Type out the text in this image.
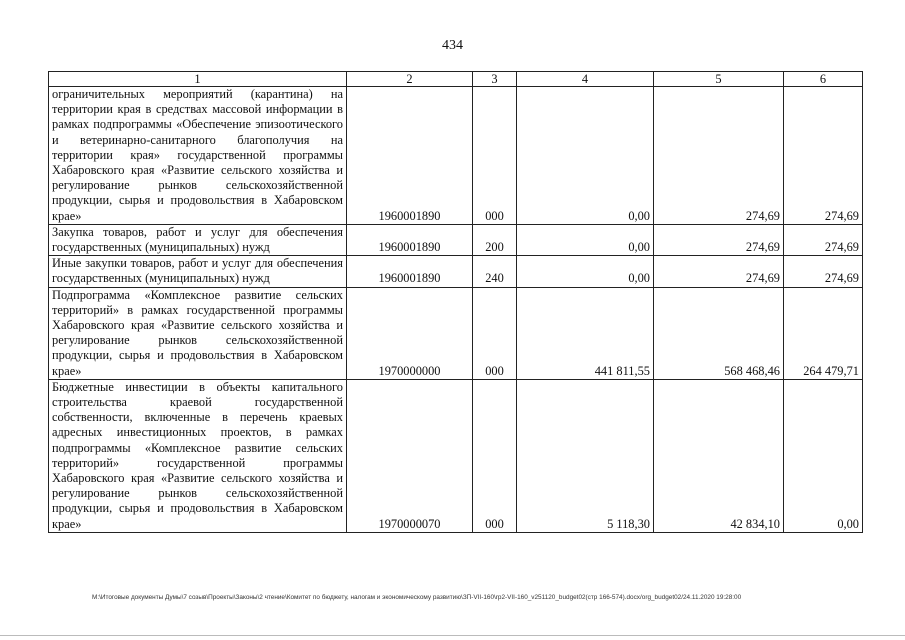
434
1	2	3	4	5	6
ограничительных мероприятий (карантина) на территории края в средствах массовой информации в рамках подпрограммы «Обеспечение эпизоотического и ветеринарно-санитарного благополучия на территории края» государственной программы Хабаровского края «Развитие сельского хозяйства и регулирование рынков сельскохозяйственной продукции, сырья и продовольствия в Хабаровском крае»	1960001890	000	0,00	274,69	274,69
Закупка товаров, работ и услуг для обеспечения государственных (муниципальных) нужд	1960001890	200	0,00	274,69	274,69
Иные закупки товаров, работ и услуг для обеспечения государственных (муниципальных) нужд	1960001890	240	0,00	274,69	274,69
Подпрограмма «Комплексное развитие сельских территорий» в рамках государственной программы Хабаровского края «Развитие сельского хозяйства и регулирование рынков сельскохозяйственной продукции, сырья и продовольствия в Хабаровском крае»	1970000000	000	441 811,55	568 468,46	264 479,71
Бюджетные инвестиции в объекты капитального строительства краевой государственной собственности, включенные в перечень краевых адресных инвестиционных проектов, в рамках подпрограммы «Комплексное развитие сельских территорий» государственной программы Хабаровского края «Развитие сельского хозяйства и регулирование рынков сельскохозяйственной продукции, сырья и продовольствия в Хабаровском крае»	1970000070	000	5 118,30	42 834,10	0,00
M:\Итоговые документы Думы\7 созыв\Проекты\Законы\2 чтение\Комитет по бюджету, налогам и экономическому развитию\ЗП-VII-160\rp2-VII-160_v251120_budget02(стр 166-574).docx/org_budget02/24.11.2020 19:28:00
